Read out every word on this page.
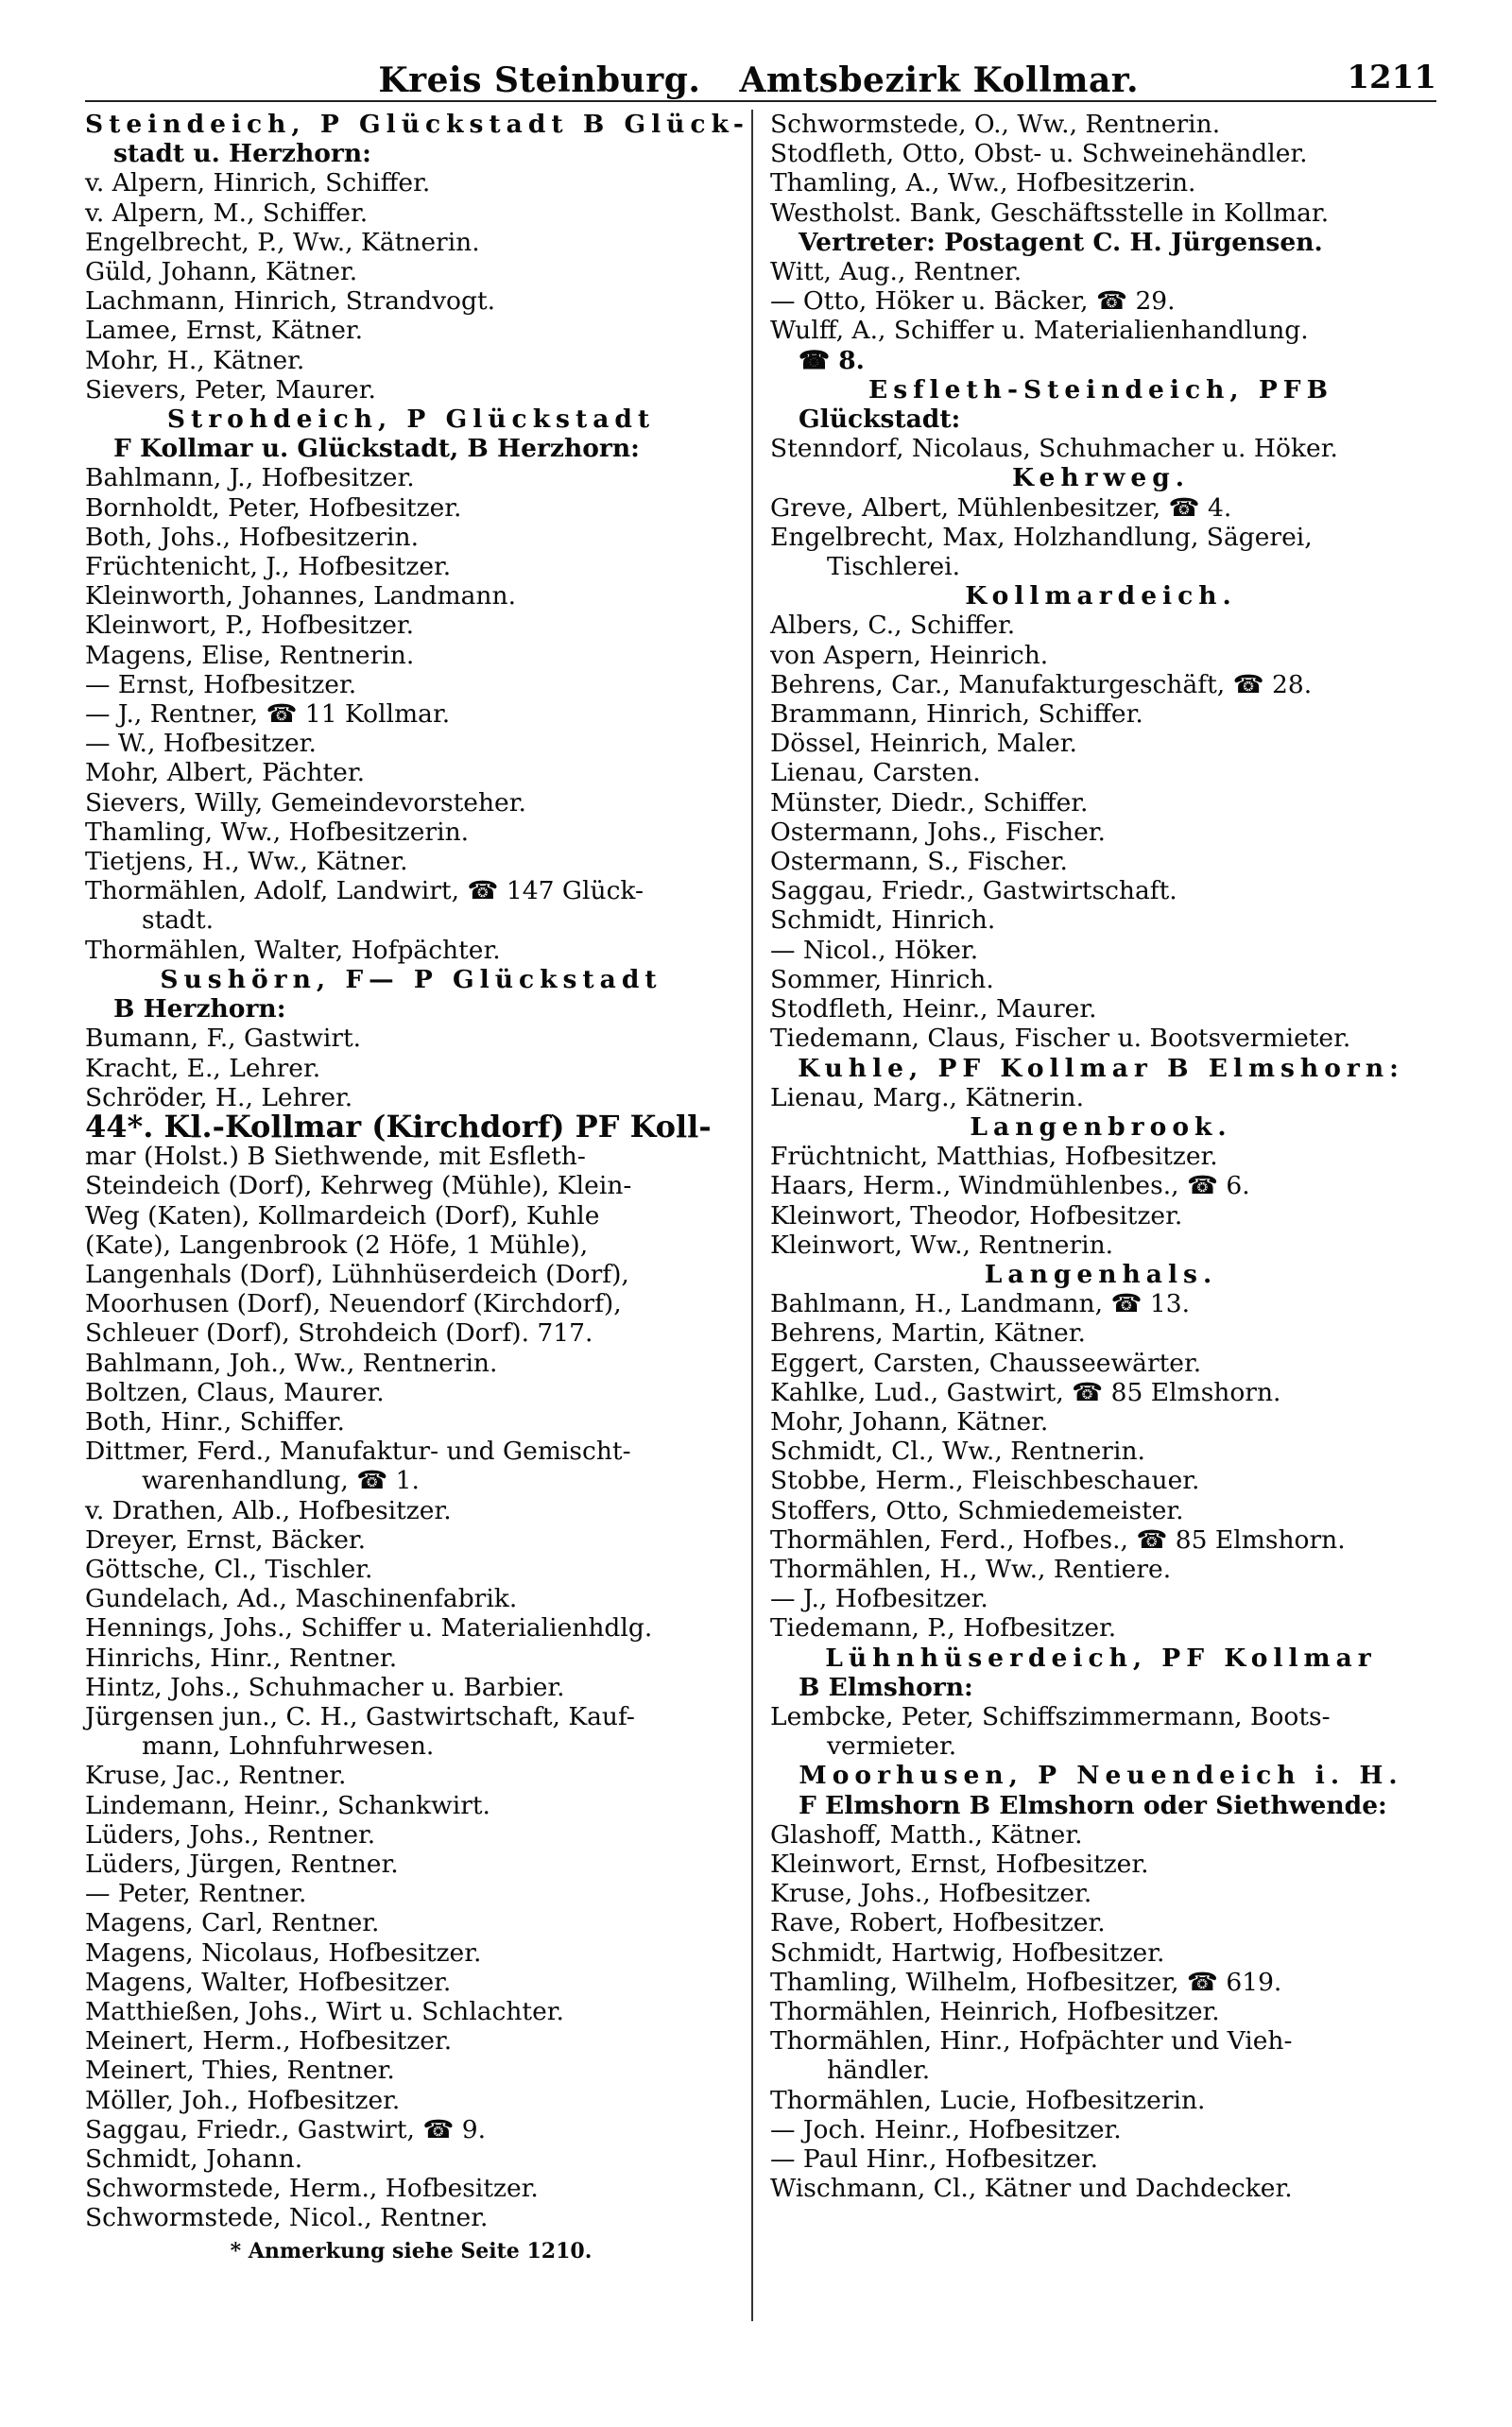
Kreis Steinburg. Amtsbezirk Kollmar.	1211
Steindeich, P Glückstadt B Glück-
stadt u. Herzhorn:
v. Alpern, Hinrich, Schiffer.
v. Alpern, M., Schiffer.
Engelbrecht, P., Ww., Kätnerin.
Güld, Johann, Kätner.
Lachmann, Hinrich, Strandvogt.
Lamee, Ernst, Kätner.
Mohr, H., Kätner.
Sievers, Peter, Maurer.
Strohdeich, P Glückstadt
F Kollmar u. Glückstadt, B Herzhorn:
Bahlmann, J., Hofbesitzer.
Bornholdt, Peter, Hofbesitzer.
Both, Johs., Hofbesitzerin.
Früchtenicht, J., Hofbesitzer.
Kleinworth, Johannes, Landmann.
Kleinwort, P., Hofbesitzer.
Magens, Elise, Rentnerin.
— Ernst, Hofbesitzer.
— J., Rentner, ☎ 11 Kollmar.
— W., Hofbesitzer.
Mohr, Albert, Pächter.
Sievers, Willy, Gemeindevorsteher.
Thamling, Ww., Hofbesitzerin.
Tietjens, H., Ww., Kätner.
Thormählen, Adolf, Landwirt, ☎ 147 Glück-
stadt.
Thormählen, Walter, Hofpächter.
Sushörn, F— P Glückstadt
B Herzhorn:
Bumann, F., Gastwirt.
Kracht, E., Lehrer.
Schröder, H., Lehrer.
44*. Kl.-Kollmar (Kirchdorf) PF Koll-
mar (Holst.) B Siethwende, mit Esfleth-
Steindeich (Dorf), Kehrweg (Mühle), Klein-
Weg (Katen), Kollmardeich (Dorf), Kuhle
(Kate), Langenbrook (2 Höfe, 1 Mühle),
Langenhals (Dorf), Lühnhüserdeich (Dorf),
Moorhusen (Dorf), Neuendorf (Kirchdorf),
Schleuer (Dorf), Strohdeich (Dorf). 717.
Bahlmann, Joh., Ww., Rentnerin.
Boltzen, Claus, Maurer.
Both, Hinr., Schiffer.
Dittmer, Ferd., Manufaktur- und Gemischt-
warenhandlung, ☎ 1.
v. Drathen, Alb., Hofbesitzer.
Dreyer, Ernst, Bäcker.
Göttsche, Cl., Tischler.
Gundelach, Ad., Maschinenfabrik.
Hennings, Johs., Schiffer u. Materialienhdlg.
Hinrichs, Hinr., Rentner.
Hintz, Johs., Schuhmacher u. Barbier.
Jürgensen jun., C. H., Gastwirtschaft, Kauf-
mann, Lohnfuhrwesen.
Kruse, Jac., Rentner.
Lindemann, Heinr., Schankwirt.
Lüders, Johs., Rentner.
Lüders, Jürgen, Rentner.
— Peter, Rentner.
Magens, Carl, Rentner.
Magens, Nicolaus, Hofbesitzer.
Magens, Walter, Hofbesitzer.
Matthießen, Johs., Wirt u. Schlachter.
Meinert, Herm., Hofbesitzer.
Meinert, Thies, Rentner.
Möller, Joh., Hofbesitzer.
Saggau, Friedr., Gastwirt, ☎ 9.
Schmidt, Johann.
Schwormstede, Herm., Hofbesitzer.
Schwormstede, Nicol., Rentner.
* Anmerkung siehe Seite 1210.
Schwormstede, O., Ww., Rentnerin.
Stodfleth, Otto, Obst- u. Schweinehändler.
Thamling, A., Ww., Hofbesitzerin.
Westholst. Bank, Geschäftsstelle in Kollmar.
Vertreter: Postagent C. H. Jürgensen.
Witt, Aug., Rentner.
— Otto, Höker u. Bäcker, ☎ 29.
Wulff, A., Schiffer u. Materialienhandlung.
☎ 8.
Esfleth-Steindeich, PFB
Glückstadt:
Stenndorf, Nicolaus, Schuhmacher u. Höker.
Kehrweg.
Greve, Albert, Mühlenbesitzer, ☎ 4.
Engelbrecht, Max, Holzhandlung, Sägerei,
Tischlerei.
Kollmardeich.
Albers, C., Schiffer.
von Aspern, Heinrich.
Behrens, Car., Manufakturgeschäft, ☎ 28.
Brammann, Hinrich, Schiffer.
Dössel, Heinrich, Maler.
Lienau, Carsten.
Münster, Diedr., Schiffer.
Ostermann, Johs., Fischer.
Ostermann, S., Fischer.
Saggau, Friedr., Gastwirtschaft.
Schmidt, Hinrich.
— Nicol., Höker.
Sommer, Hinrich.
Stodfleth, Heinr., Maurer.
Tiedemann, Claus, Fischer u. Bootsvermieter.
Kuhle, PF Kollmar B Elmshorn:
Lienau, Marg., Kätnerin.
Langenbrook.
Früchtnicht, Matthias, Hofbesitzer.
Haars, Herm., Windmühlenbes., ☎ 6.
Kleinwort, Theodor, Hofbesitzer.
Kleinwort, Ww., Rentnerin.
Langenhals.
Bahlmann, H., Landmann, ☎ 13.
Behrens, Martin, Kätner.
Eggert, Carsten, Chausseewärter.
Kahlke, Lud., Gastwirt, ☎ 85 Elmshorn.
Mohr, Johann, Kätner.
Schmidt, Cl., Ww., Rentnerin.
Stobbe, Herm., Fleischbeschauer.
Stoffers, Otto, Schmiedemeister.
Thormählen, Ferd., Hofbes., ☎ 85 Elmshorn.
Thormählen, H., Ww., Rentiere.
— J., Hofbesitzer.
Tiedemann, P., Hofbesitzer.
Lühnhüserdeich, PF Kollmar
B Elmshorn:
Lembcke, Peter, Schiffszimmermann, Boots-
vermieter.
Moorhusen, P Neuendeich i. H.
F Elmshorn B Elmshorn oder Siethwende:
Glashoff, Matth., Kätner.
Kleinwort, Ernst, Hofbesitzer.
Kruse, Johs., Hofbesitzer.
Rave, Robert, Hofbesitzer.
Schmidt, Hartwig, Hofbesitzer.
Thamling, Wilhelm, Hofbesitzer, ☎ 619.
Thormählen, Heinrich, Hofbesitzer.
Thormählen, Hinr., Hofpächter und Vieh-
händler.
Thormählen, Lucie, Hofbesitzerin.
— Joch. Heinr., Hofbesitzer.
— Paul Hinr., Hofbesitzer.
Wischmann, Cl., Kätner und Dachdecker.
